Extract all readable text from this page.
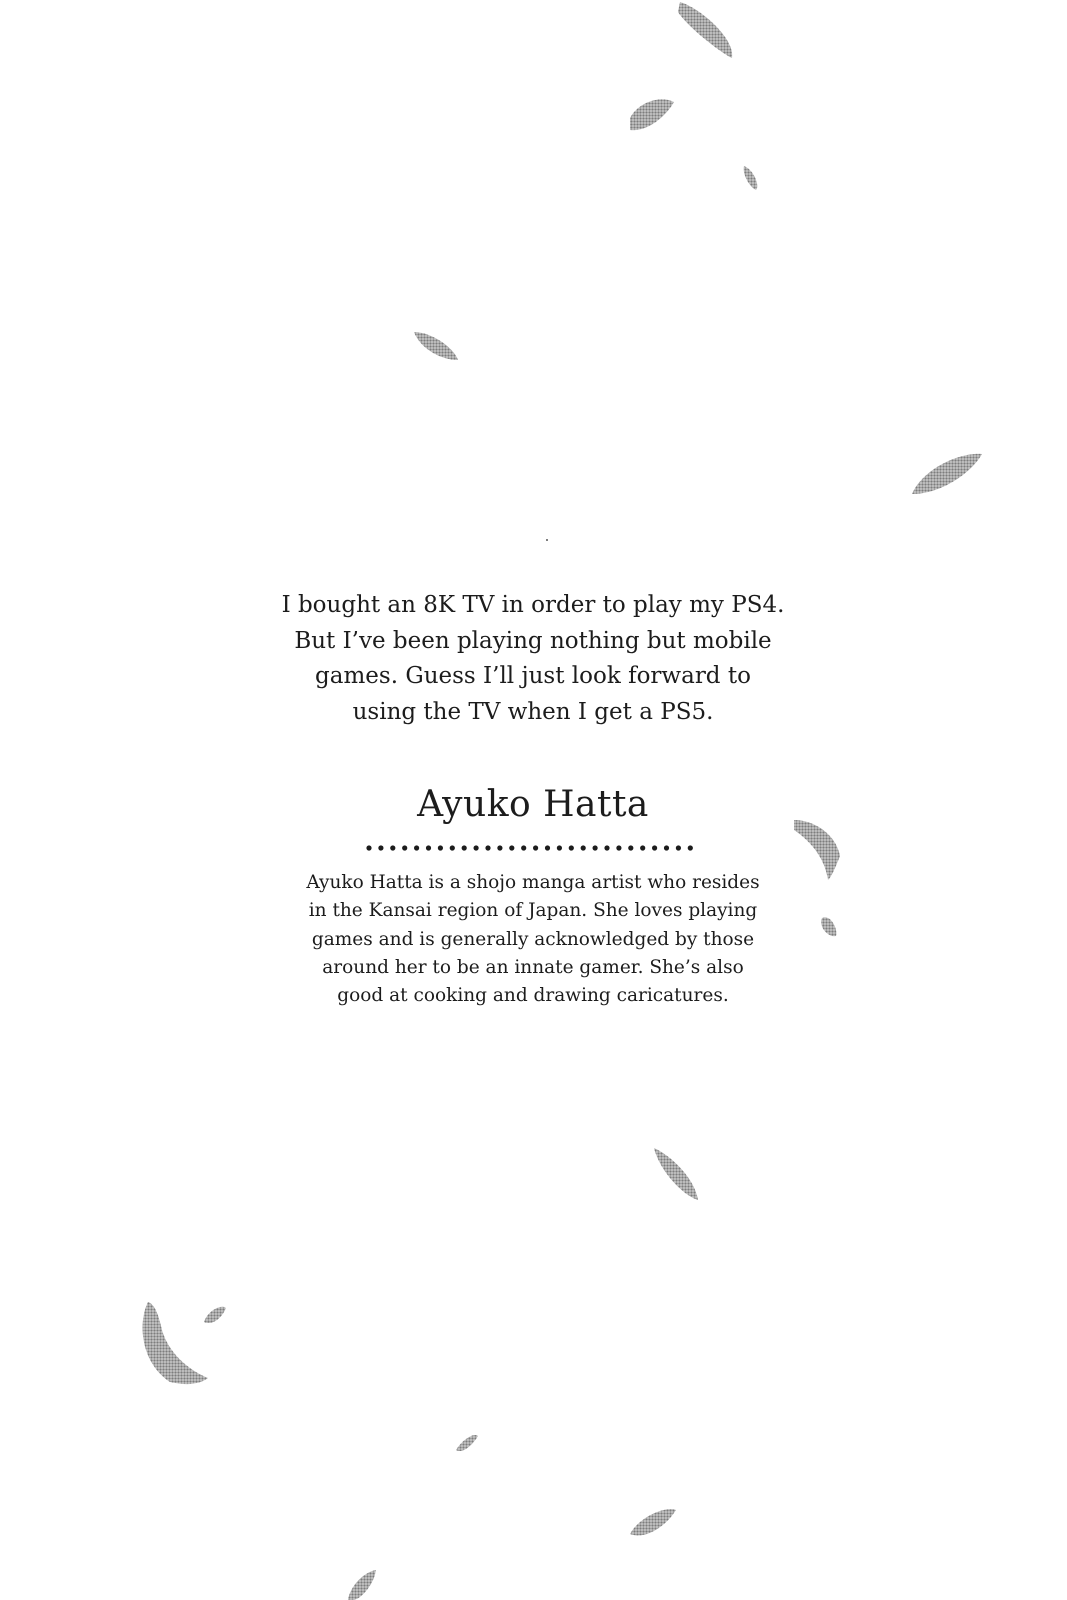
I bought an 8K TV in order to play my PS4.

But I’ve been playing nothing but mobile

games. Guess I’ll just look forward to

using the TV when I get a PS5.

Ayuko Hatta

Ayuko Hatta is a shojo manga artist who resides

in the Kansai region of Japan. She loves playing

games and is generally acknowledged by those

around her to be an innate gamer. She’s also

good at cooking and drawing caricatures.
